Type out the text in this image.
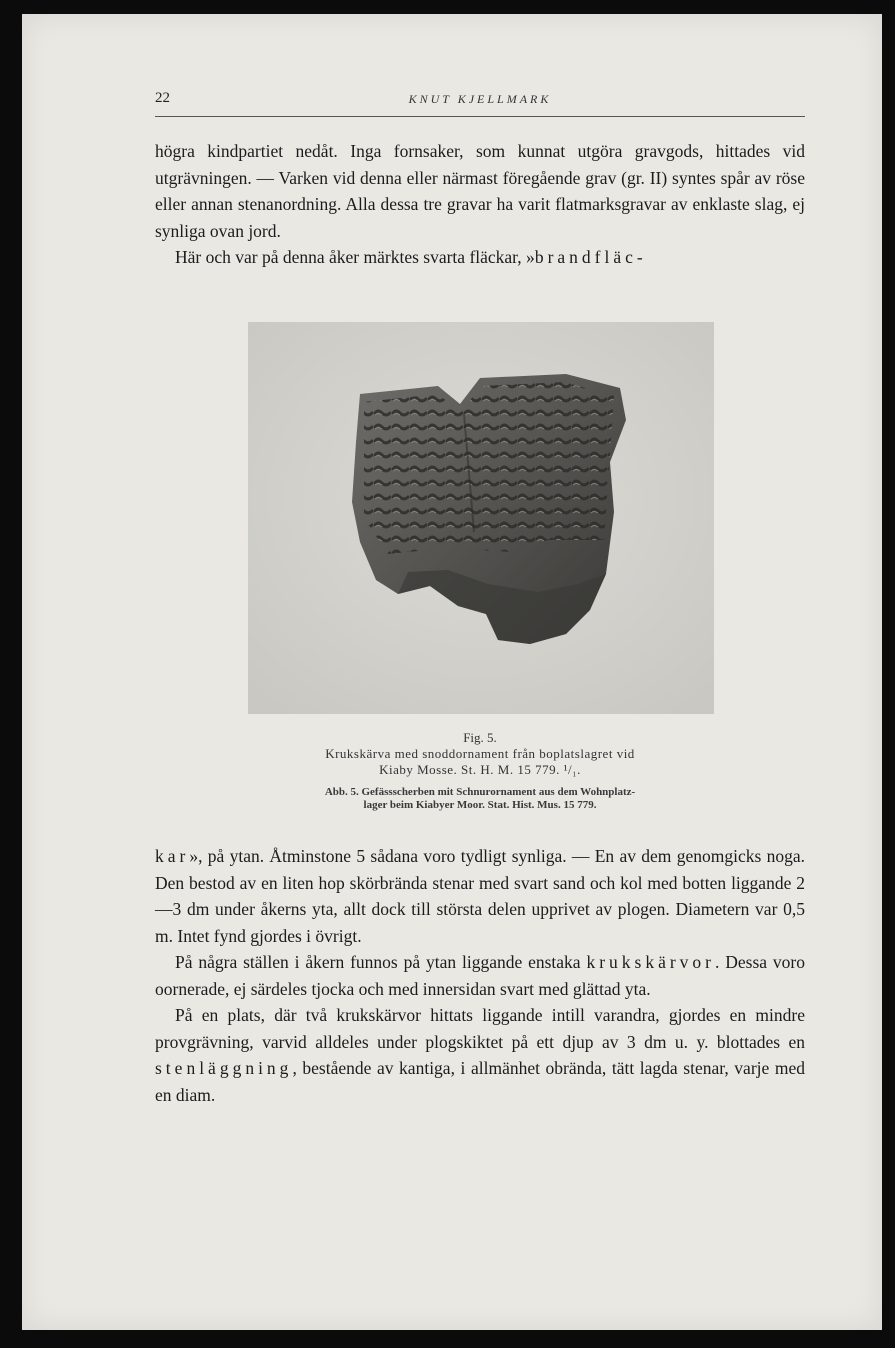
22	KNUT KJELLMARK

högra kindpartiet nedåt. Inga fornsaker, som kunnat utgöra gravgods, hittades vid utgrävningen. — Varken vid denna eller närmast föregående grav (gr. II) syntes spår av röse eller annan stenanordning. Alla dessa tre gravar ha varit flatmarksgravar av enklaste slag, ej synliga ovan jord.

Här och var på denna åker märktes svarta fläckar, »brandfläc-

Fig. 5.
Krukskärva med snoddornament från boplatslagret vid
Kiaby Mosse. St. H. M. 15 779. ¹/₁.
Abb. 5. Gefässscherben mit Schnurornament aus dem Wohnplatz-
lager beim Kiabyer Moor. Stat. Hist. Mus. 15 779.

kar», på ytan. Åtminstone 5 sådana voro tydligt synliga. — En av dem genomgicks noga. Den bestod av en liten hop skörbrända stenar med svart sand och kol med botten liggande 2—3 dm under åkerns yta, allt dock till största delen upprivet av plogen. Diametern var 0,5 m. Intet fynd gjordes i övrigt.

På några ställen i åkern funnos på ytan liggande enstaka krukskärvor. Dessa voro oornerade, ej särdeles tjocka och med innersidan svart med glättad yta.

På en plats, där två krukskärvor hittats liggande intill varandra, gjordes en mindre provgrävning, varvid alldeles under plogskiktet på ett djup av 3 dm u. y. blottades en stenläggning, bestående av kantiga, i allmänhet obrända, tätt lagda stenar, varje med en diam.
